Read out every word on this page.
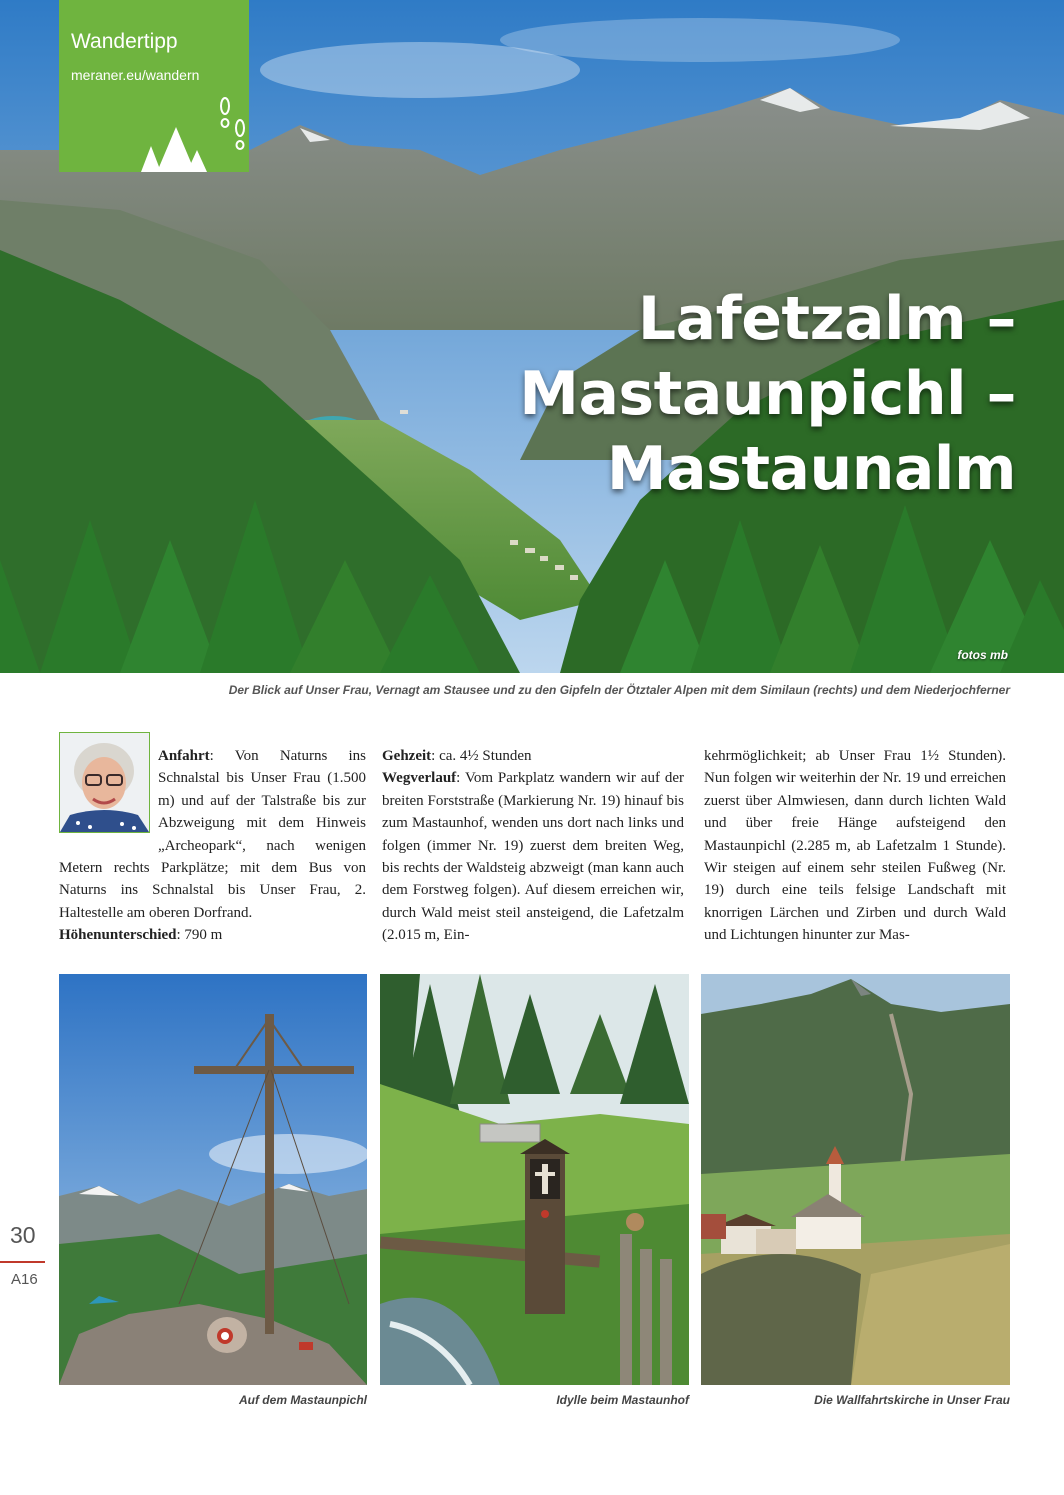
Lafetzalm –
Mastaunpichl –
Mastaunalm
fotos mb
Wandertipp
meraner.eu/wandern
Der Blick auf Unser Frau, Vernagt am Stausee und zu den Gipfeln der Ötztaler Alpen mit dem Similaun (rechts) und dem Niederjochferner

Anfahrt: Von Naturns ins Schnalstal bis Unser Frau (1.500 m) und auf der Talstraße bis zur Abzweigung mit dem Hinweis „Archeopark“, nach wenigen Metern rechts Parkplätze; mit dem Bus von Naturns ins Schnalstal bis Unser Frau, 2. Haltestelle am oberen Dorfrand.

Höhenunterschied: 790 m

Gehzeit: ca. 4½ Stunden

Wegverlauf: Vom Parkplatz wandern wir auf der breiten Forststraße (Markierung Nr. 19) hinauf bis zum Mastaunhof, wenden uns dort nach links und folgen (immer Nr. 19) zuerst dem breiten Weg, bis rechts der Waldsteig abzweigt (man kann auch dem Forstweg folgen). Auf diesem erreichen wir, durch Wald meist steil ansteigend, die Lafetzalm (2.015 m, Ein-

kehrmöglichkeit; ab Unser Frau 1½ Stunden). Nun folgen wir weiterhin der Nr. 19 und erreichen zuerst über Almwiesen, dann durch lichten Wald und über freie Hänge aufsteigend den Mastaunpichl (2.285 m, ab Lafetzalm 1 Stunde). Wir steigen auf einem sehr steilen Fußweg (Nr. 19) durch eine teils felsige Landschaft mit knorrigen Lärchen und Zirben und durch Wald und Lichtungen hinunter zur Mas-

Auf dem Mastaunpichl	Idylle beim Mastaunhof	Die Wallfahrtskirche in Unser Frau
30
A16
